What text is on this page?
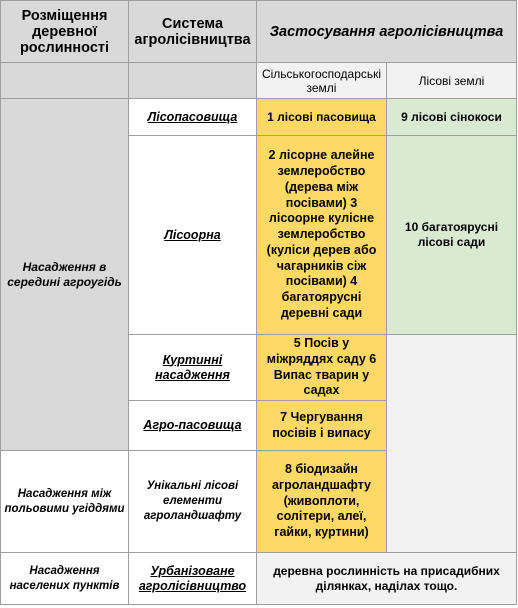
Розміщення деревної рослинності	Система агролісівництва	Застосування агролісівництва	
		Сільськогосподарські землі	Лісові землі
Насадження в середині агроугідь	Лісопасовища	1 лісові пасовища	9 лісові сінокоси
	Лісоорна	2 лісорне алейне землеробство (дерева між посівами) 3 лісоорне кулісне землеробство (куліси дерев або чагарників сіж посівами) 4 багатоярусні деревні сади	10 багатоярусні лісові сади
	Куртинні насадження	5 Посів у міжряддях саду 6 Випас тварин у садах	
	Агро-пасовища	7 Чергування посівів і випасу	
Насадження між польовими угіддями	Унікальні лісові елементи агроландшафту	8 біодизайн агроландшафту (живоплоти, солітери, алеї, гайки, куртини)	
Насадження населених пунктів	Урбанізоване агролісівництво	деревна рослинність на присадибних ділянках, наділах тощо.	
